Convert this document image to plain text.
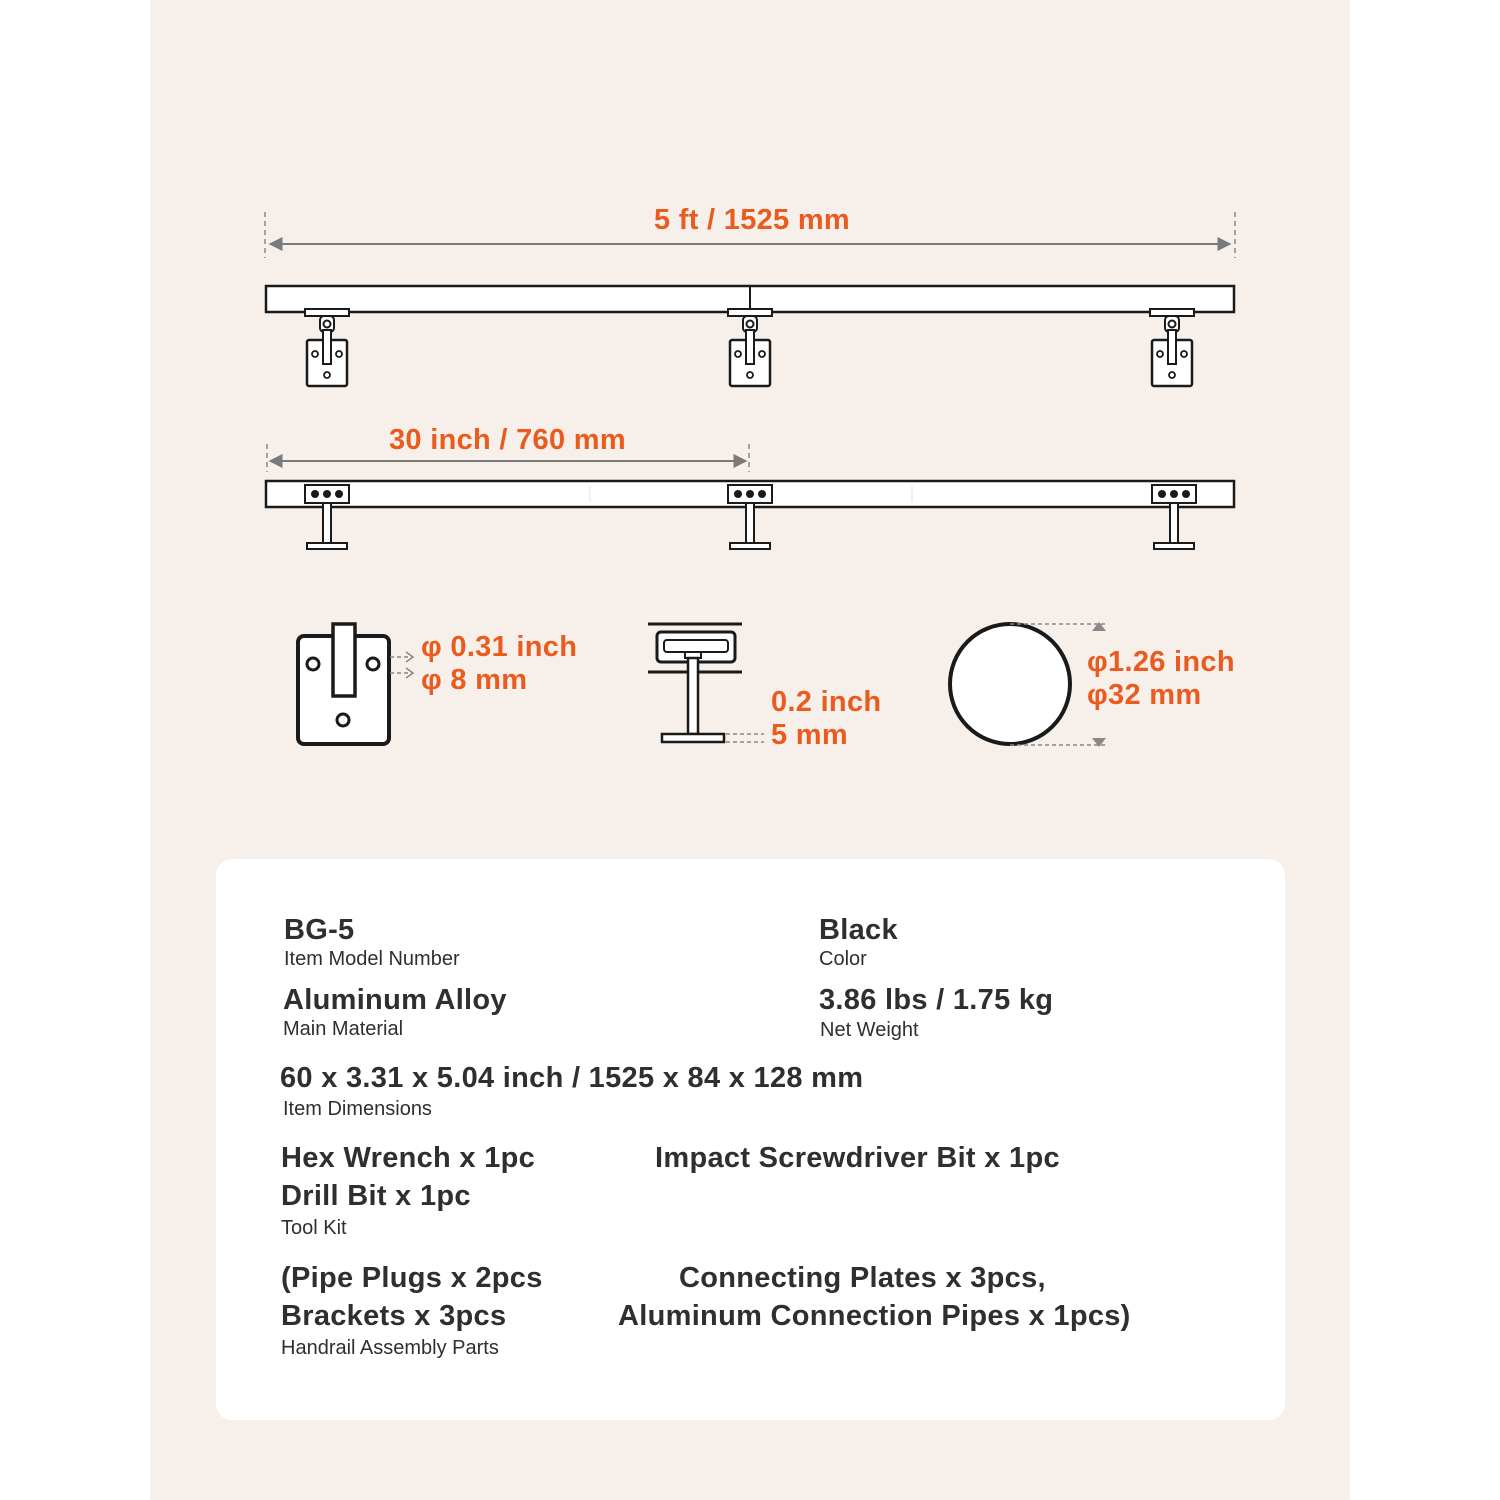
5 ft / 1525 mm
30 inch / 760 mm
φ 0.31 inch
φ 8 mm
0.2 inch
5 mm
φ1.26 inch
φ32 mm
BG-5
Item Model Number
Black
Color
Aluminum Alloy
Main Material
3.86 lbs / 1.75 kg
Net Weight
60 x 3.31 x 5.04 inch / 1525 x 84 x 128 mm
Item Dimensions
Hex Wrench x 1pc	Impact Screwdriver Bit x 1pc
Drill Bit x 1pc
Tool Kit
(Pipe Plugs x 2pcs	Connecting Plates x 3pcs,
Brackets x 3pcs	Aluminum Connection Pipes x 1pcs)
Handrail Assembly Parts
